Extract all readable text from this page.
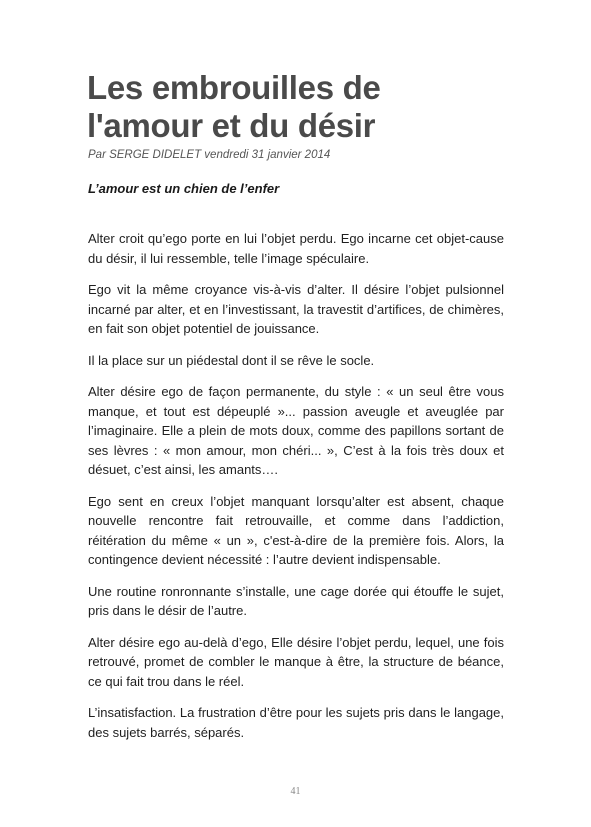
Les embrouilles de
l'amour et du désir

Par SERGE DIDELET vendredi 31 janvier 2014

L’amour est un chien de l’enfer

Alter croit qu’ego porte en lui l’objet perdu. Ego incarne cet objet-cause du désir, il lui ressemble, telle l’image spéculaire.

Ego vit la même croyance vis-à-vis d’alter. Il désire l’objet pulsionnel incarné par alter, et en l’investissant, la travestit d’artifices, de chimères, en fait son objet potentiel de jouissance.

Il la place sur un piédestal dont il se rêve le socle.

Alter désire ego de façon permanente, du style : « un seul être vous manque, et tout est dépeuplé »... passion aveugle et aveuglée par l’imaginaire. Elle a plein de mots doux, comme des papillons sortant de ses lèvres : « mon amour, mon chéri... », C’est à la fois très doux et désuet, c’est ainsi, les amants….

Ego sent en creux l’objet manquant lorsqu’alter est absent, chaque nouvelle rencontre fait retrouvaille, et comme dans l’addiction, réitération du même « un », c'est-à-dire de la première fois. Alors, la contingence devient nécessité : l’autre devient indispensable.

Une routine ronronnante s’installe, une cage dorée qui étouffe le sujet, pris dans le désir de l’autre.

Alter désire ego au-delà d’ego, Elle désire l’objet perdu, lequel, une fois retrouvé, promet de combler le manque à être, la structure de béance, ce qui fait trou dans le réel.

L’insatisfaction. La frustration d’être pour les sujets pris dans le langage, des sujets barrés, séparés.

41
